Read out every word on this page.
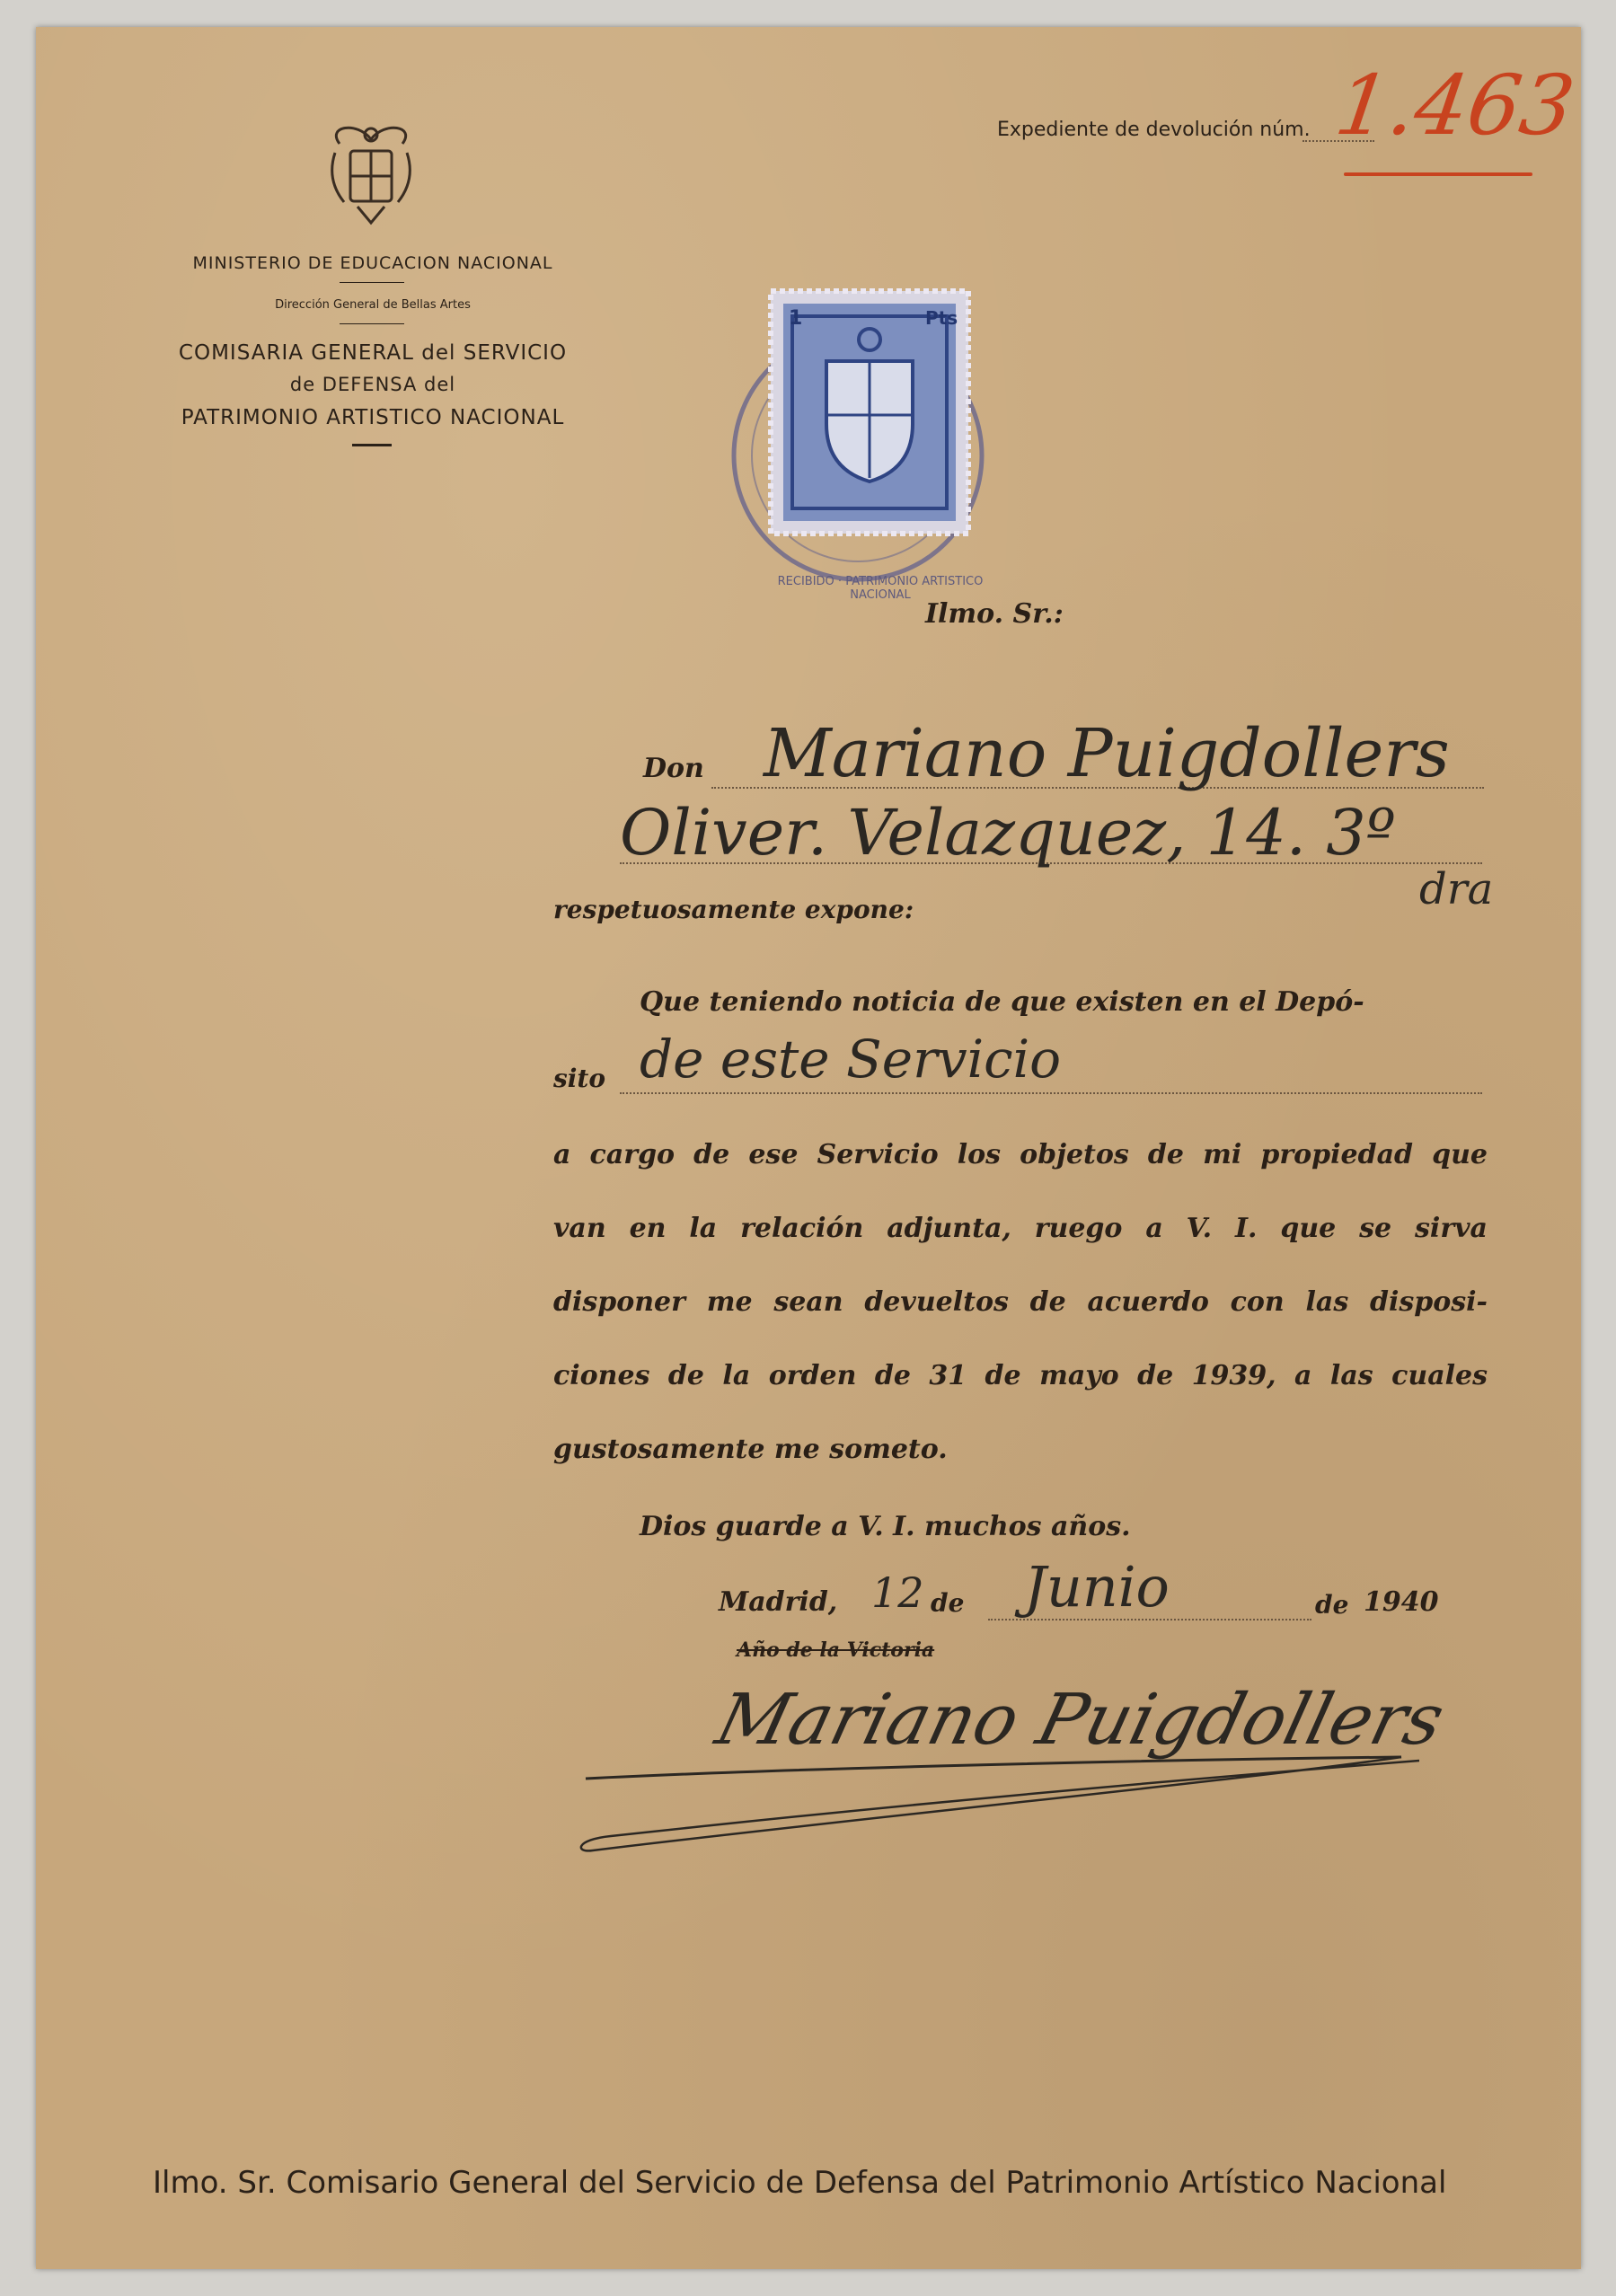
MINISTERIO DE EDUCACION NACIONAL
Dirección General de Bellas Artes
COMISARIA GENERAL del SERVICIO
de DEFENSA del
PATRIMONIO ARTISTICO NACIONAL
Expediente de devolución núm. 1.463
1	Pts
RECIBIDO · PATRIMONIO ARTISTICO NACIONAL
Ilmo. Sr.:
Don Mariano Puigdollers
Oliver. Velazquez, 14. 3º
dra
respetuosamente expone:
Que teniendo noticia de que existen en el Depó-
sito de este Servicio
a cargo de ese Servicio los objetos de mi propiedad que
van en la relación adjunta, ruego a V. I. que se sirva
disponer me sean devueltos de acuerdo con las disposi-
ciones de la orden de 31 de mayo de 1939, a las cuales
gustosamente me someto.
Dios guarde a V. I. muchos años.
Madrid, 12 de Junio	de 1940
Año de la Victoria
Mariano Puigdollers
Ilmo. Sr. Comisario General del Servicio de Defensa del Patrimonio Artístico Nacional
